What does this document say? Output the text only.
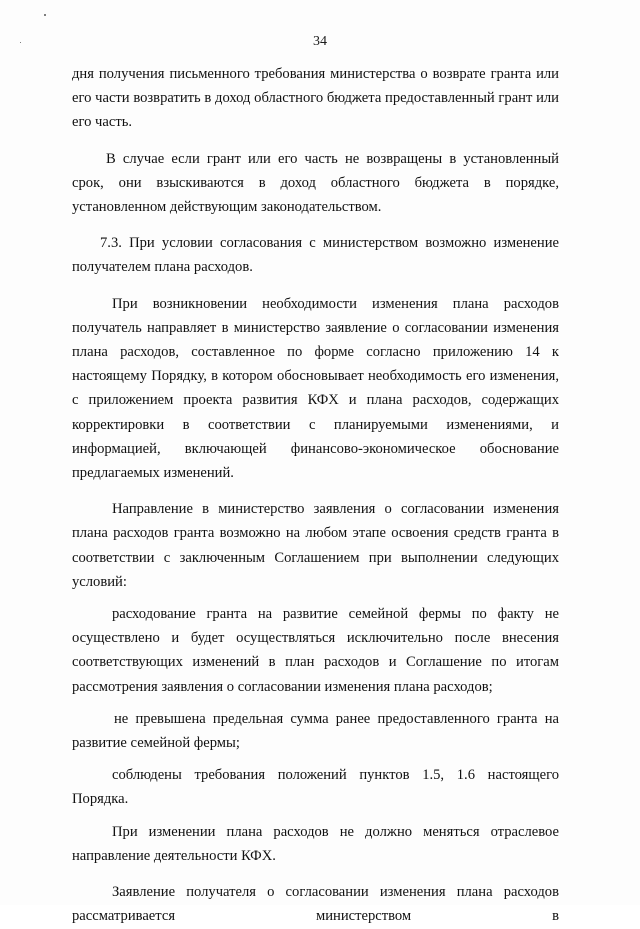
34

дня получения письменного требования министерства о возврате гранта или его части возвратить в доход областного бюджета предоставленный грант или его часть.

В случае если грант или его часть не возвращены в установленный срок, они взыскиваются в доход областного бюджета в порядке, установленном действующим законодательством.

7.3. При условии согласования с министерством возможно изменение получателем плана расходов.

При возникновении необходимости изменения плана расходов получатель направляет в министерство заявление о согласовании изменения плана расходов, составленное по форме согласно приложению 14 к настоящему Порядку, в котором обосновывает необходимость его изменения, с приложением проекта развития КФХ и плана расходов, содержащих корректировки в соответствии с планируемыми изменениями, и информацией, включающей финансово-экономическое обоснование предлагаемых изменений.

Направление в министерство заявления о согласовании изменения плана расходов гранта возможно на любом этапе освоения средств гранта в соответствии с заключенным Соглашением при выполнении следующих условий:

расходование гранта на развитие семейной фермы по факту не осуществлено и будет осуществляться исключительно после внесения соответствующих изменений в план расходов и Соглашение по итогам рассмотрения заявления о согласовании изменения плана расходов;

не превышена предельная сумма ранее предоставленного гранта на развитие семейной фермы;

соблюдены требования положений пунктов 1.5, 1.6 настоящего Порядка.

При изменении плана расходов не должно меняться отраслевое направление деятельности КФХ.

Заявление получателя о согласовании изменения плана расходов рассматривается министерством в
